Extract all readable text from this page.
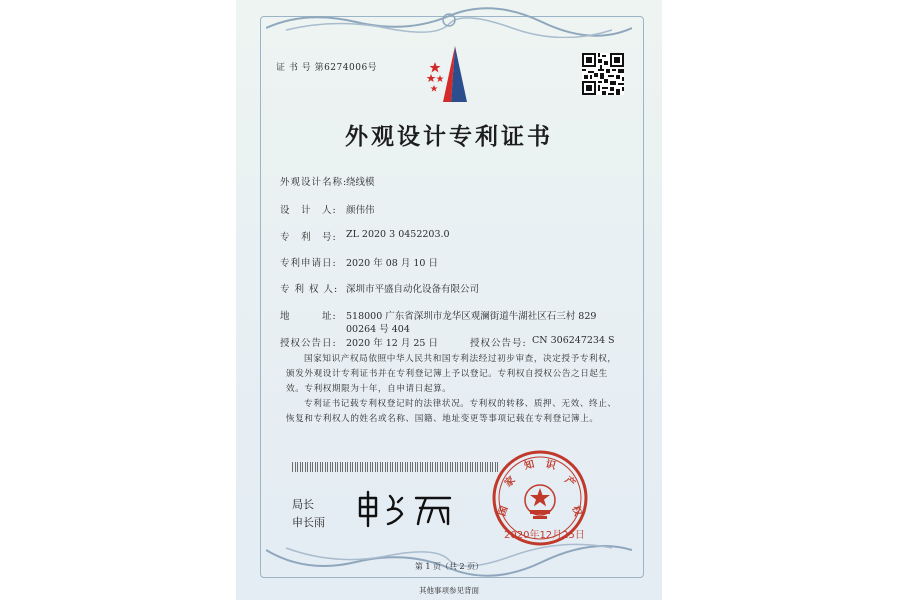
证 书 号 第6274006号
外观设计专利证书
外观设计名称:
绕线模
设　计　人: 颜伟伟
专　利　号: ZL 2020 3 0452203.0
专利申请日: 2020 年 08 月 10 日
专 利 权 人: 深圳市平盛自动化设备有限公司
地　　　址: 518000 广东省深圳市龙华区观澜街道牛湖社区石三村 829
00264 号 404
授权公告日: 2020 年 12 月 25 日	授权公告号: CN 306247234 S
国家知识产权局依照中华人民共和国专利法经过初步审查，决定授予专利权，颁发外观设计专利证书并在专利登记簿上予以登记。专利权自授权公告之日起生效。专利权期限为十年，自申请日起算。
专利证书记载专利权登记时的法律状况。专利权的转移、质押、无效、终止、恢复和专利权人的姓名或名称、国籍、地址变更等事项记载在专利登记簿上。
局长
申长雨
国
家
知 识
产
权
2020年12月25日
第 1 页（共 2 页）
其他事项参见背面
